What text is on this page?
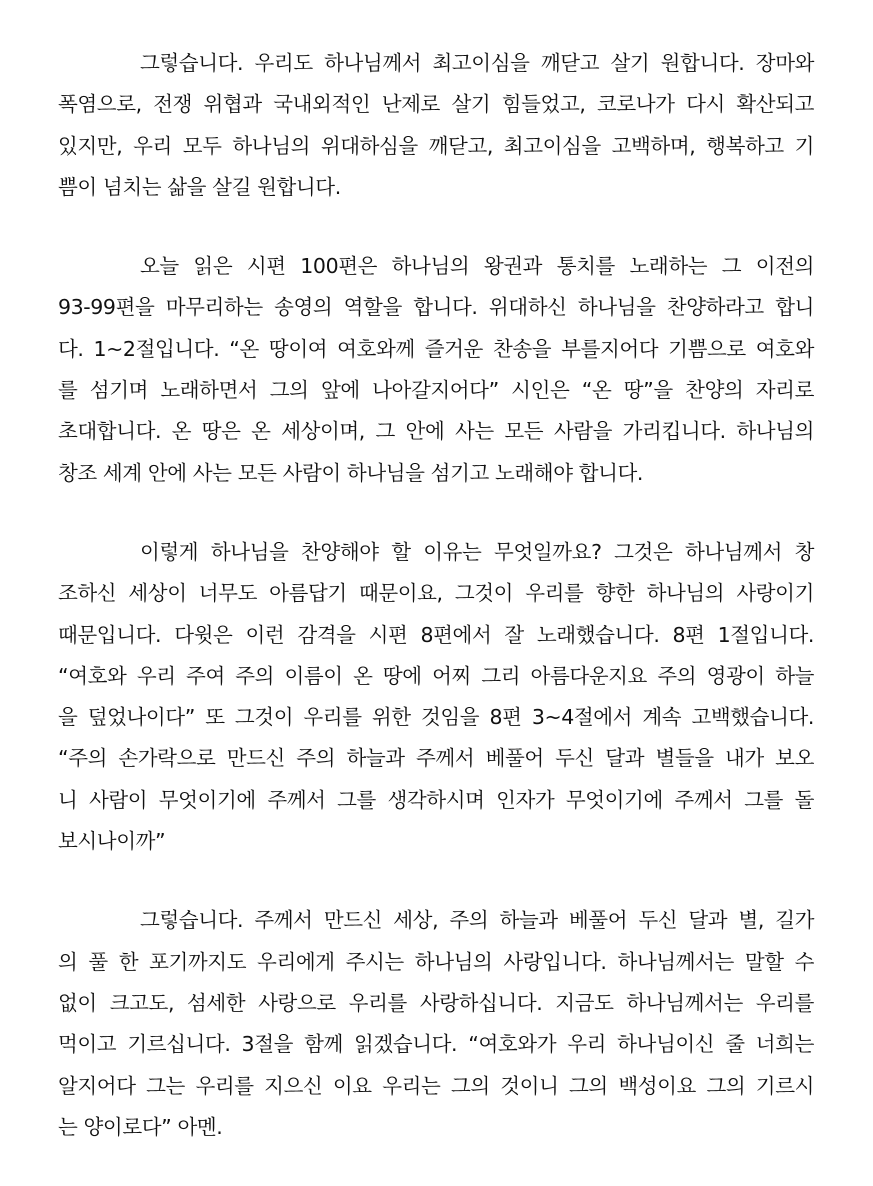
그렇습니다. 우리도 하나님께서 최고이심을 깨닫고 살기 원합니다. 장마와
폭염으로, 전쟁 위협과 국내외적인 난제로 살기 힘들었고, 코로나가 다시 확산되고
있지만, 우리 모두 하나님의 위대하심을 깨닫고, 최고이심을 고백하며, 행복하고 기
쁨이 넘치는 삶을 살길 원합니다.

오늘 읽은 시편 100편은 하나님의 왕권과 통치를 노래하는 그 이전의
93-99편을 마무리하는 송영의 역할을 합니다. 위대하신 하나님을 찬양하라고 합니
다. 1~2절입니다. “온 땅이여 여호와께 즐거운 찬송을 부를지어다 기쁨으로 여호와
를 섬기며 노래하면서 그의 앞에 나아갈지어다” 시인은 “온 땅”을 찬양의 자리로
초대합니다. 온 땅은 온 세상이며, 그 안에 사는 모든 사람을 가리킵니다. 하나님의
창조 세계 안에 사는 모든 사람이 하나님을 섬기고 노래해야 합니다.

이렇게 하나님을 찬양해야 할 이유는 무엇일까요? 그것은 하나님께서 창
조하신 세상이 너무도 아름답기 때문이요, 그것이 우리를 향한 하나님의 사랑이기
때문입니다. 다윗은 이런 감격을 시편 8편에서 잘 노래했습니다. 8편 1절입니다.
“여호와 우리 주여 주의 이름이 온 땅에 어찌 그리 아름다운지요 주의 영광이 하늘
을 덮었나이다” 또 그것이 우리를 위한 것임을 8편 3~4절에서 계속 고백했습니다.
“주의 손가락으로 만드신 주의 하늘과 주께서 베풀어 두신 달과 별들을 내가 보오
니 사람이 무엇이기에 주께서 그를 생각하시며 인자가 무엇이기에 주께서 그를 돌
보시나이까”

그렇습니다. 주께서 만드신 세상, 주의 하늘과 베풀어 두신 달과 별, 길가
의 풀 한 포기까지도 우리에게 주시는 하나님의 사랑입니다. 하나님께서는 말할 수
없이 크고도, 섬세한 사랑으로 우리를 사랑하십니다. 지금도 하나님께서는 우리를
먹이고 기르십니다. 3절을 함께 읽겠습니다. “여호와가 우리 하나님이신 줄 너희는
알지어다 그는 우리를 지으신 이요 우리는 그의 것이니 그의 백성이요 그의 기르시
는 양이로다” 아멘.
